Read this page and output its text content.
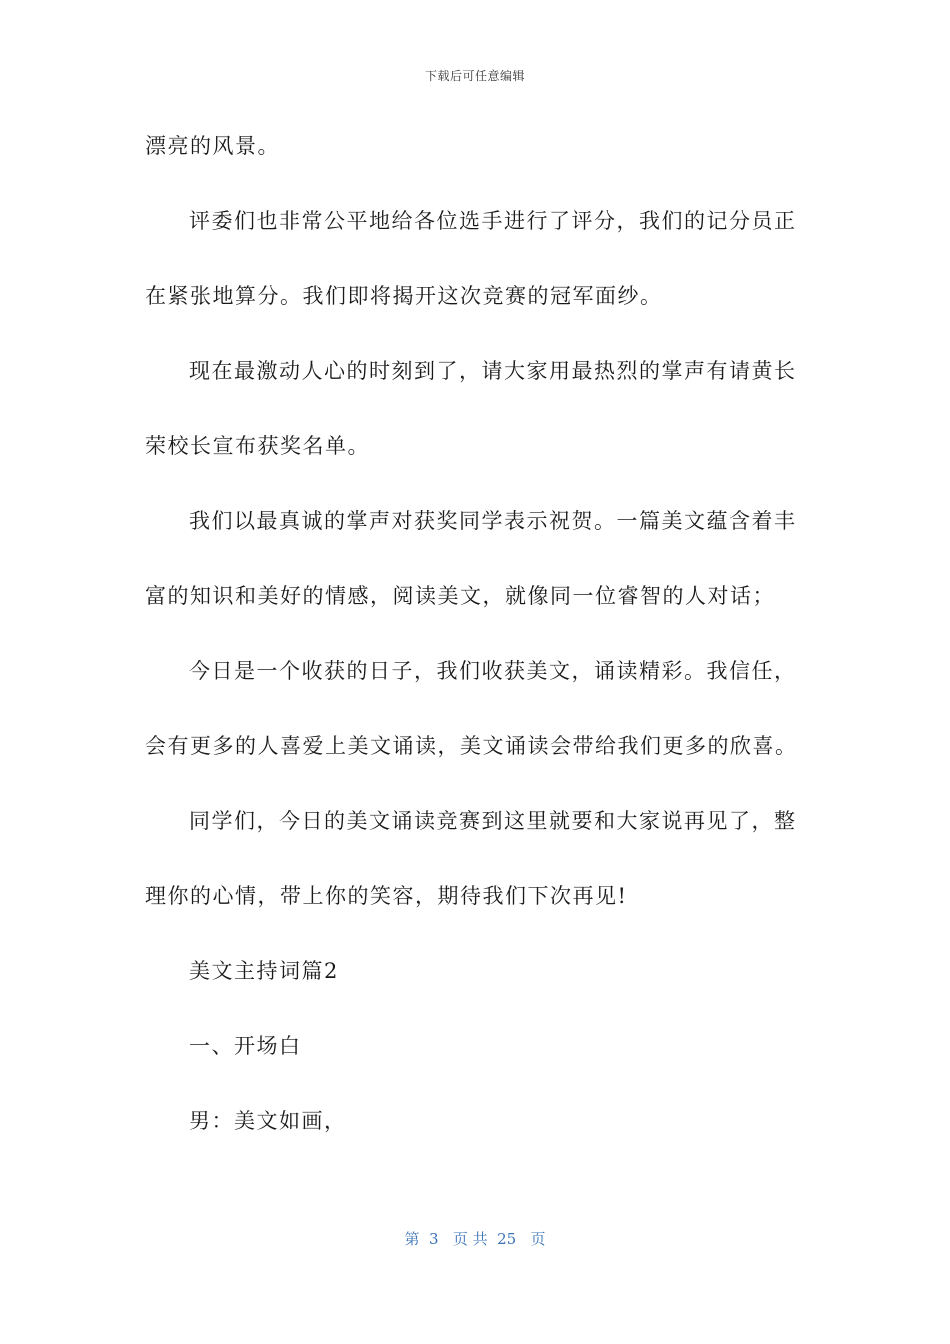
下载后可任意编辑
漂亮的风景。
评委们也非常公平地给各位选手进行了评分，我们的记分员正
在紧张地算分。我们即将揭开这次竞赛的冠军面纱。
现在最激动人心的时刻到了，请大家用最热烈的掌声有请黄长
荣校长宣布获奖名单。
我们以最真诚的掌声对获奖同学表示祝贺。一篇美文蕴含着丰
富的知识和美好的情感，阅读美文，就像同一位睿智的人对话；
今日是一个收获的日子，我们收获美文，诵读精彩。我信任，
会有更多的人喜爱上美文诵读，美文诵读会带给我们更多的欣喜。
同学们，今日的美文诵读竞赛到这里就要和大家说再见了，整
理你的心情，带上你的笑容，期待我们下次再见!
美文主持词篇2
一、开场白
男：美文如画，
第  3   页 共  25   页
